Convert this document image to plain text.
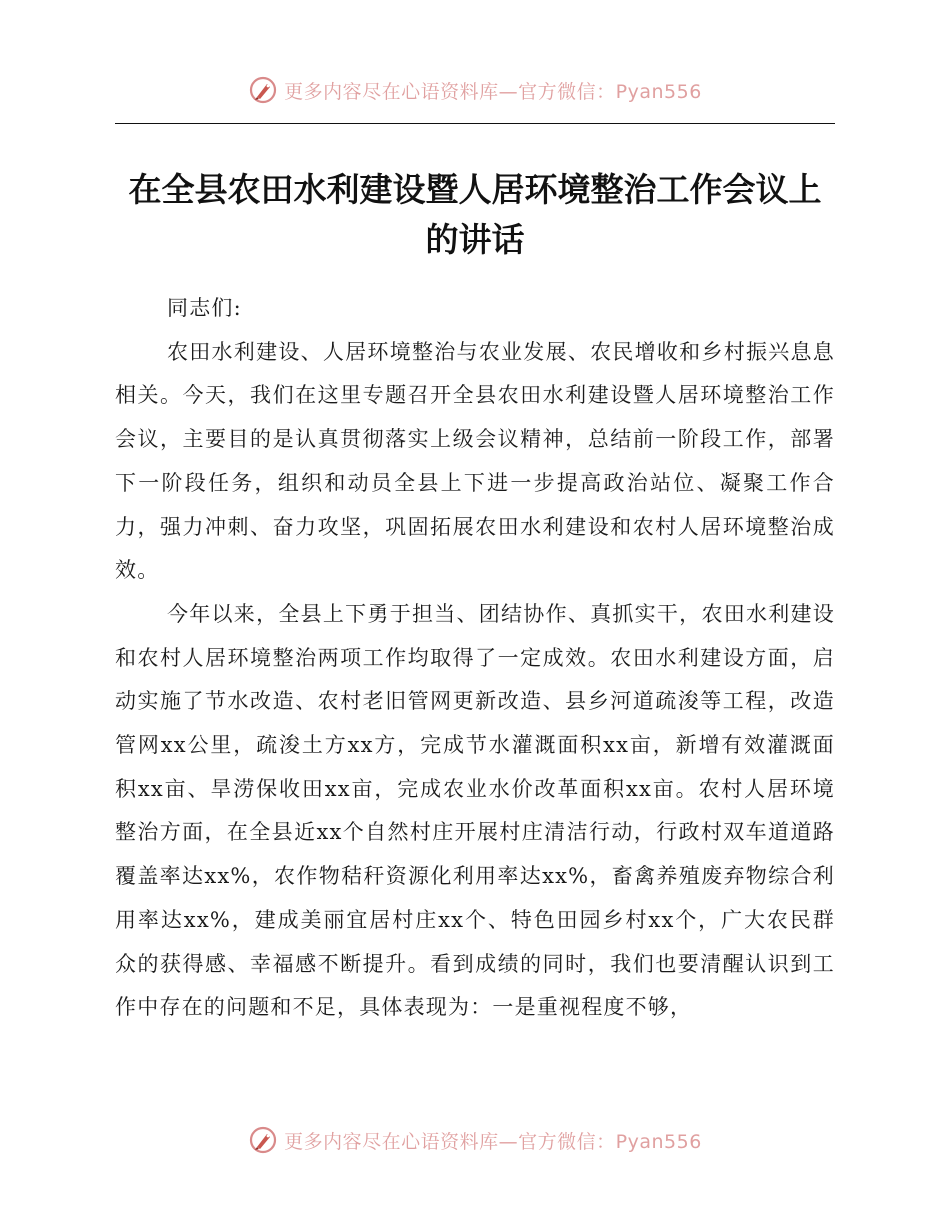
更多内容尽在心语资料库—官方微信：Pyan556
在全县农田水利建设暨人居环境整治工作会议上的讲话

同志们:

农田水利建设、人居环境整治与农业发展、农民增收和乡村振兴息息相关。今天，我们在这里专题召开全县农田水利建设暨人居环境整治工作会议，主要目的是认真贯彻落实上级会议精神，总结前一阶段工作，部署下一阶段任务，组织和动员全县上下进一步提高政治站位、凝聚工作合力，强力冲刺、奋力攻坚，巩固拓展农田水利建设和农村人居环境整治成效。

今年以来，全县上下勇于担当、团结协作、真抓实干，农田水利建设和农村人居环境整治两项工作均取得了一定成效。农田水利建设方面，启动实施了节水改造、农村老旧管网更新改造、县乡河道疏浚等工程，改造管网xx公里，疏浚土方xx方，完成节水灌溉面积xx亩，新增有效灌溉面积xx亩、旱涝保收田xx亩，完成农业水价改革面积xx亩。农村人居环境整治方面，在全县近xx个自然村庄开展村庄清洁行动，行政村双车道道路覆盖率达xx%，农作物秸秆资源化利用率达xx%，畜禽养殖废弃物综合利用率达xx%，建成美丽宜居村庄xx个、特色田园乡村xx个，广大农民群众的获得感、幸福感不断提升。看到成绩的同时，我们也要清醒认识到工作中存在的问题和不足，具体表现为：一是重视程度不够，

更多内容尽在心语资料库—官方微信：Pyan556
